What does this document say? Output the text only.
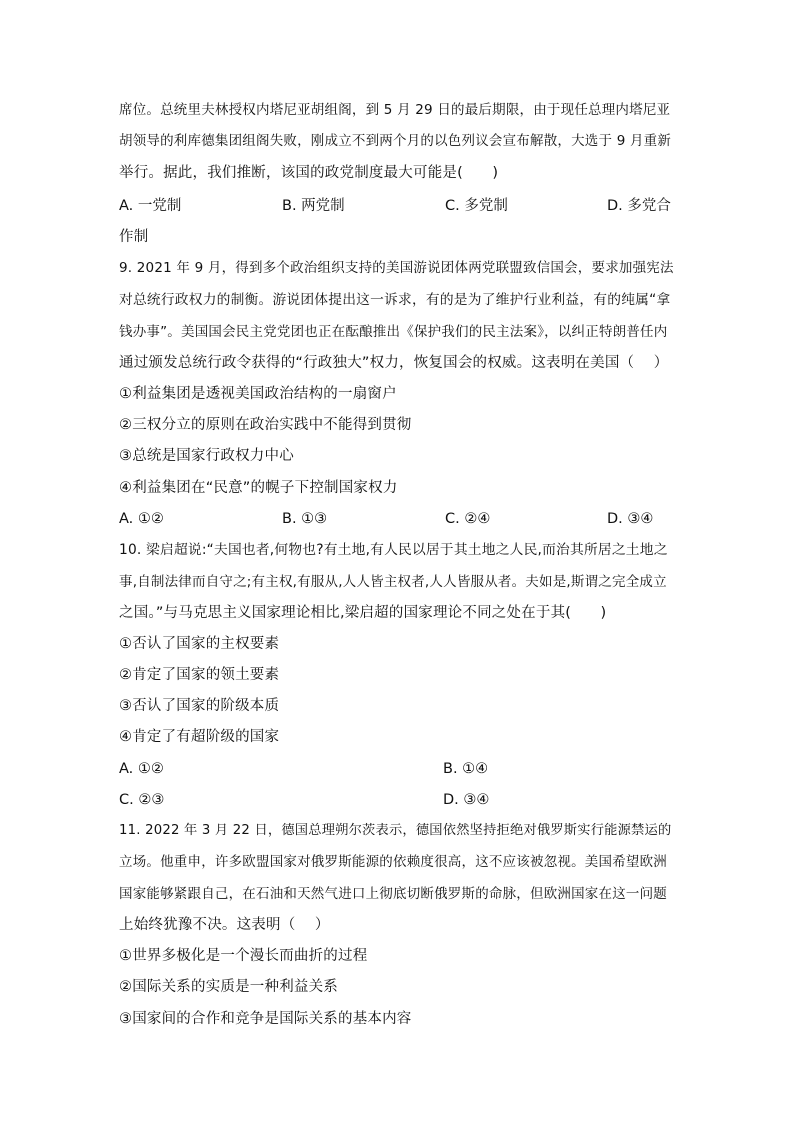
席位。总统里夫林授权内塔尼亚胡组阁，到 5 月 29 日的最后期限，由于现任总理内塔尼亚
胡领导的利库德集团组阁失败，刚成立不到两个月的以色列议会宣布解散，大选于 9 月重新
举行。据此，我们推断，该国的政党制度最大可能是(　　)
A. 一党制	B. 两党制	C. 多党制	D. 多党合
作制
9. 2021 年 9 月，得到多个政治组织支持的美国游说团体两党联盟致信国会，要求加强宪法
对总统行政权力的制衡。游说团体提出这一诉求，有的是为了维护行业利益，有的纯属“拿
钱办事”。美国国会民主党党团也正在酝酿推出《保护我们的民主法案》，以纠正特朗普任内
通过颁发总统行政令获得的“行政独大”权力，恢复国会的权威。这表明在美国（　 ）
①利益集团是透视美国政治结构的一扇窗户
②三权分立的原则在政治实践中不能得到贯彻
③总统是国家行政权力中心
④利益集团在“民意”的幌子下控制国家权力
A. ①②	B. ①③	C. ②④	D. ③④
10. 梁启超说:“夫国也者,何物也?有土地,有人民以居于其土地之人民,而治其所居之土地之
事,自制法律而自守之;有主权,有服从,人人皆主权者,人人皆服从者。夫如是,斯谓之完全成立
之国。”与马克思主义国家理论相比,梁启超的国家理论不同之处在于其(　　)
①否认了国家的主权要素
②肯定了国家的领土要素
③否认了国家的阶级本质
④肯定了有超阶级的国家
A. ①②	B. ①④
C. ②③	D. ③④
11. 2022 年 3 月 22 日，德国总理朔尔茨表示，德国依然坚持拒绝对俄罗斯实行能源禁运的
立场。他重申，许多欧盟国家对俄罗斯能源的依赖度很高，这不应该被忽视。美国希望欧洲
国家能够紧跟自己，在石油和天然气进口上彻底切断俄罗斯的命脉，但欧洲国家在这一问题
上始终犹豫不决。这表明（　 ）
①世界多极化是一个漫长而曲折的过程
②国际关系的实质是一种利益关系
③国家间的合作和竞争是国际关系的基本内容
